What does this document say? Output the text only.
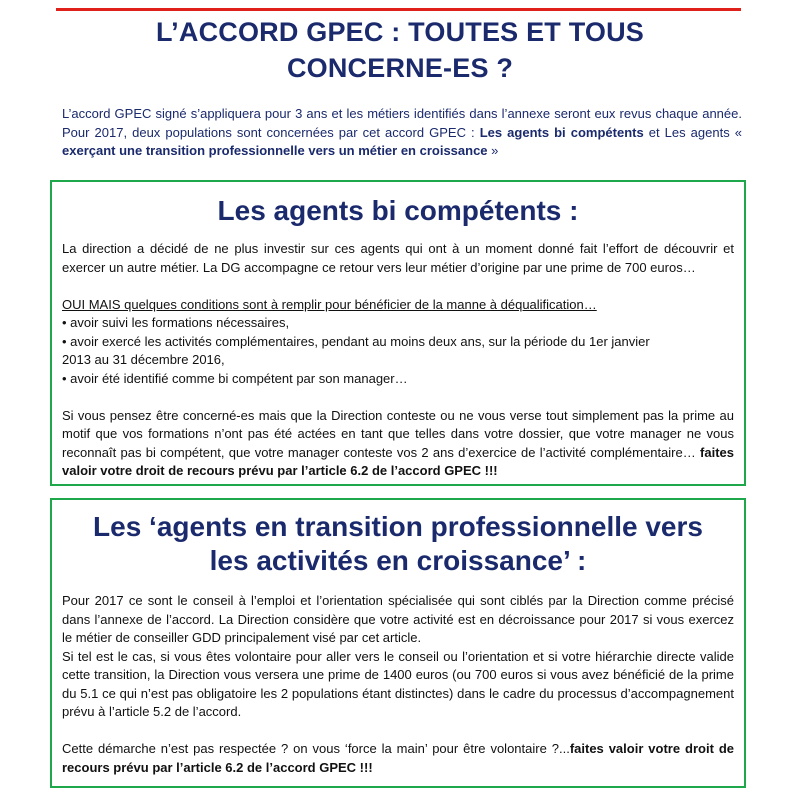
L’ACCORD GPEC : TOUTES ET TOUS
CONCERNE-ES ?
L’accord GPEC signé s’appliquera pour 3 ans et les métiers identifiés dans l’annexe seront eux revus chaque année. Pour 2017, deux populations sont concernées par cet accord GPEC : Les agents bi compétents et Les agents « exerçant une transition professionnelle vers un métier en croissance »
Les agents bi compétents :

La direction a décidé de ne plus investir sur ces agents qui ont à un moment donné fait l’effort de découvrir et exercer un autre métier. La DG accompagne ce retour vers leur métier d’origine par une prime de 700 euros…

OUI MAIS quelques conditions sont à remplir pour bénéficier de la manne à déqualification…

• avoir suivi les formations nécessaires,

• avoir exercé les activités complémentaires, pendant au moins deux ans, sur la période du 1er janvier

2013 au 31 décembre 2016,

• avoir été identifié comme bi compétent par son manager…

Si vous pensez être concerné-es mais que la Direction conteste ou ne vous verse tout simplement pas la prime au motif que vos formations n’ont pas été actées en tant que telles dans votre dossier, que votre manager ne vous reconnaît pas bi compétent, que votre manager conteste vos 2 ans d’exercice de l’activité complémentaire… faites valoir votre droit de recours prévu par l’article 6.2 de l’accord GPEC !!!

Les ‘agents en transition professionnelle vers
les activités en croissance’ :

Pour 2017 ce sont le conseil à l’emploi et l’orientation spécialisée qui sont ciblés par la Direction comme précisé dans l’annexe de l’accord. La Direction considère que votre activité est en décroissance pour 2017 si vous exercez le métier de conseiller GDD principalement visé par cet article.

Si tel est le cas, si vous êtes volontaire pour aller vers le conseil ou l’orientation et si votre hiérarchie directe valide cette transition, la Direction vous versera une prime de 1400 euros (ou 700 euros si vous avez bénéficié de la prime du 5.1 ce qui n’est pas obligatoire les 2 populations étant distinctes) dans le cadre du processus d’accompagnement prévu à l’article 5.2 de l’accord.

Cette démarche n’est pas respectée ? on vous ‘force la main’ pour être volontaire ?...faites valoir votre droit de recours prévu par l’article 6.2 de l’accord GPEC !!!
